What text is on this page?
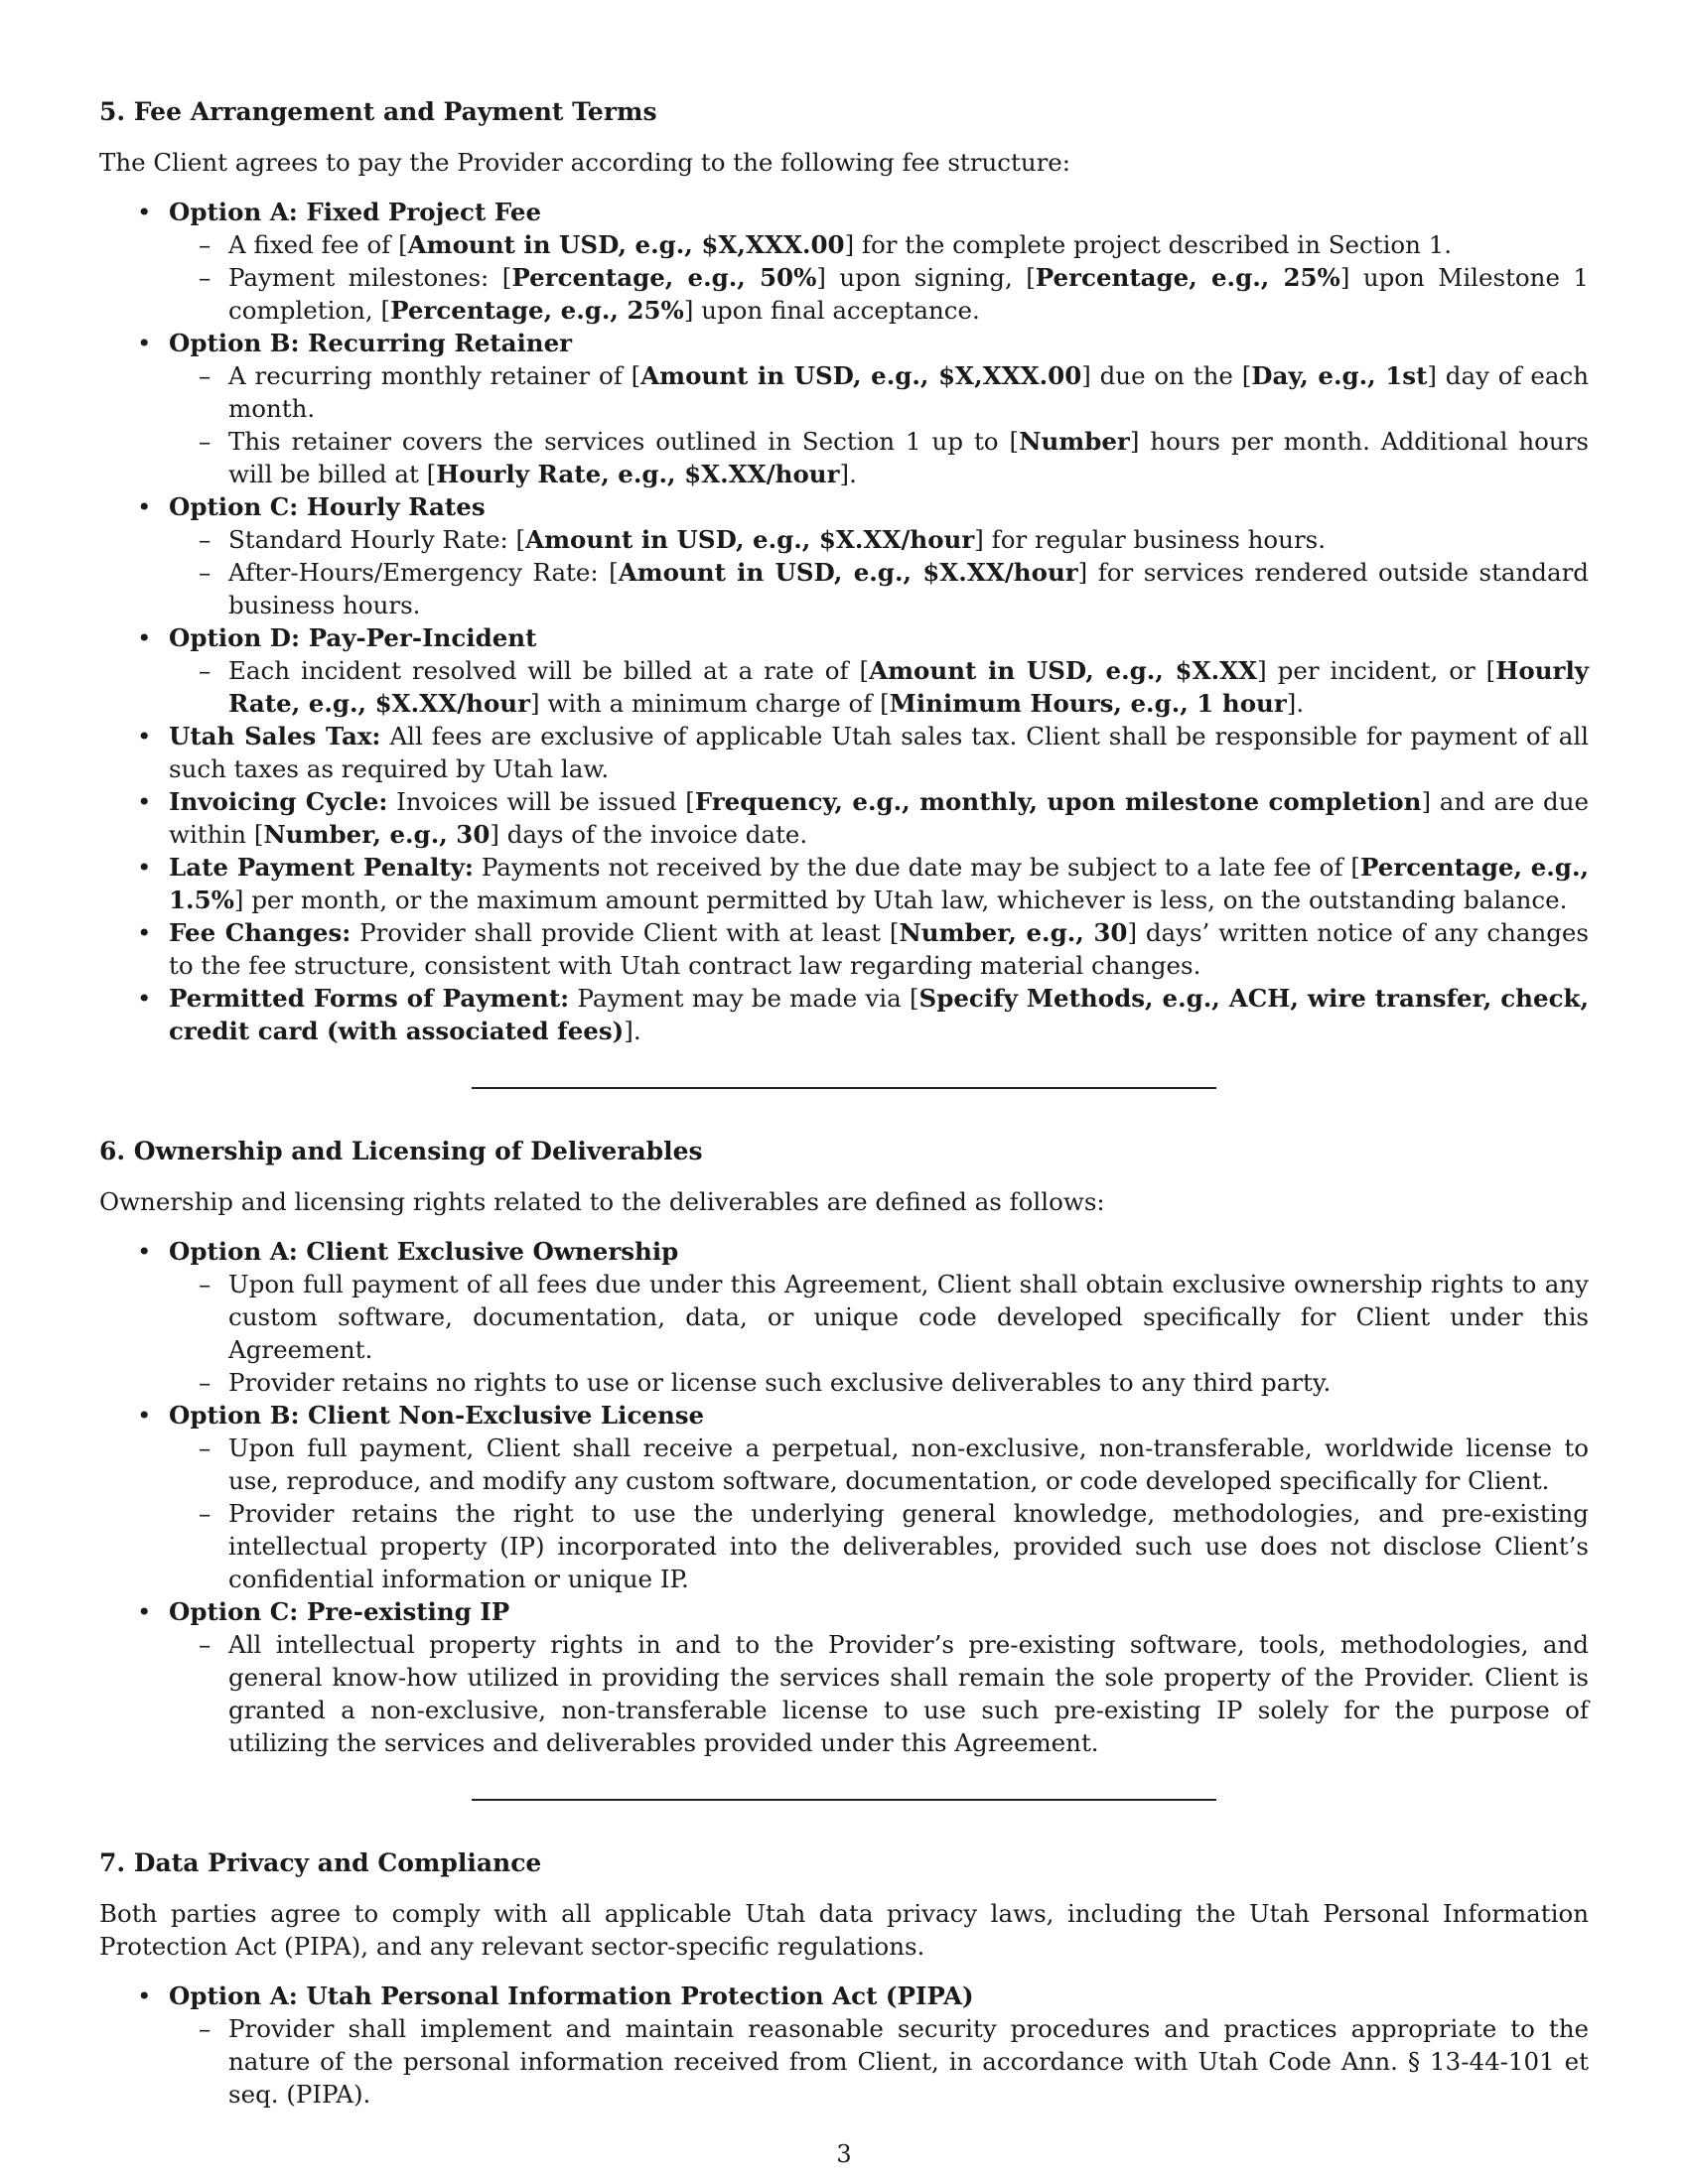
5. Fee Arrangement and Payment Terms

The Client agrees to pay the Provider according to the following fee structure:

• Option A: Fixed Project Fee
– A fixed fee of [Amount in USD, e.g., $X,XXX.00] for the complete project described in Section 1.
– Payment milestones: [Percentage, e.g., 50%] upon signing, [Percentage, e.g., 25%] upon Milestone 1 completion, [Percentage, e.g., 25%] upon final acceptance.
• Option B: Recurring Retainer
– A recurring monthly retainer of [Amount in USD, e.g., $X,XXX.00] due on the [Day, e.g., 1st] day of each month.
– This retainer covers the services outlined in Section 1 up to [Number] hours per month. Additional hours will be billed at [Hourly Rate, e.g., $X.XX/hour].
• Option C: Hourly Rates
– Standard Hourly Rate: [Amount in USD, e.g., $X.XX/hour] for regular business hours.
– After-Hours/Emergency Rate: [Amount in USD, e.g., $X.XX/hour] for services rendered outside standard business hours.
• Option D: Pay-Per-Incident
– Each incident resolved will be billed at a rate of [Amount in USD, e.g., $X.XX] per incident, or [Hourly Rate, e.g., $X.XX/hour] with a minimum charge of [Minimum Hours, e.g., 1 hour].
• Utah Sales Tax: All fees are exclusive of applicable Utah sales tax. Client shall be responsible for payment of all such taxes as required by Utah law.
• Invoicing Cycle: Invoices will be issued [Frequency, e.g., monthly, upon milestone completion] and are due within [Number, e.g., 30] days of the invoice date.
• Late Payment Penalty: Payments not received by the due date may be subject to a late fee of [Percentage, e.g., 1.5%] per month, or the maximum amount permitted by Utah law, whichever is less, on the outstanding balance.
• Fee Changes: Provider shall provide Client with at least [Number, e.g., 30] days’ written notice of any changes to the fee structure, consistent with Utah contract law regarding material changes.
• Permitted Forms of Payment: Payment may be made via [Specify Methods, e.g., ACH, wire transfer, check, credit card (with associated fees)].
6. Ownership and Licensing of Deliverables

Ownership and licensing rights related to the deliverables are defined as follows:

• Option A: Client Exclusive Ownership
– Upon full payment of all fees due under this Agreement, Client shall obtain exclusive ownership rights to any custom software, documentation, data, or unique code developed specifically for Client under this Agreement.
– Provider retains no rights to use or license such exclusive deliverables to any third party.
• Option B: Client Non-Exclusive License
– Upon full payment, Client shall receive a perpetual, non-exclusive, non-transferable, worldwide license to use, reproduce, and modify any custom software, documentation, or code developed specifically for Client.
– Provider retains the right to use the underlying general knowledge, methodologies, and pre-existing intellectual property (IP) incorporated into the deliverables, provided such use does not disclose Client’s confidential information or unique IP.
• Option C: Pre-existing IP
– All intellectual property rights in and to the Provider’s pre-existing software, tools, methodologies, and general know-how utilized in providing the services shall remain the sole property of the Provider. Client is granted a non-exclusive, non-transferable license to use such pre-existing IP solely for the purpose of utilizing the services and deliverables provided under this Agreement.
7. Data Privacy and Compliance

Both parties agree to comply with all applicable Utah data privacy laws, including the Utah Personal Information Protection Act (PIPA), and any relevant sector-specific regulations.

• Option A: Utah Personal Information Protection Act (PIPA)
– Provider shall implement and maintain reasonable security procedures and practices appropriate to the nature of the personal information received from Client, in accordance with Utah Code Ann. § 13-44-101 et seq. (PIPA).
3
